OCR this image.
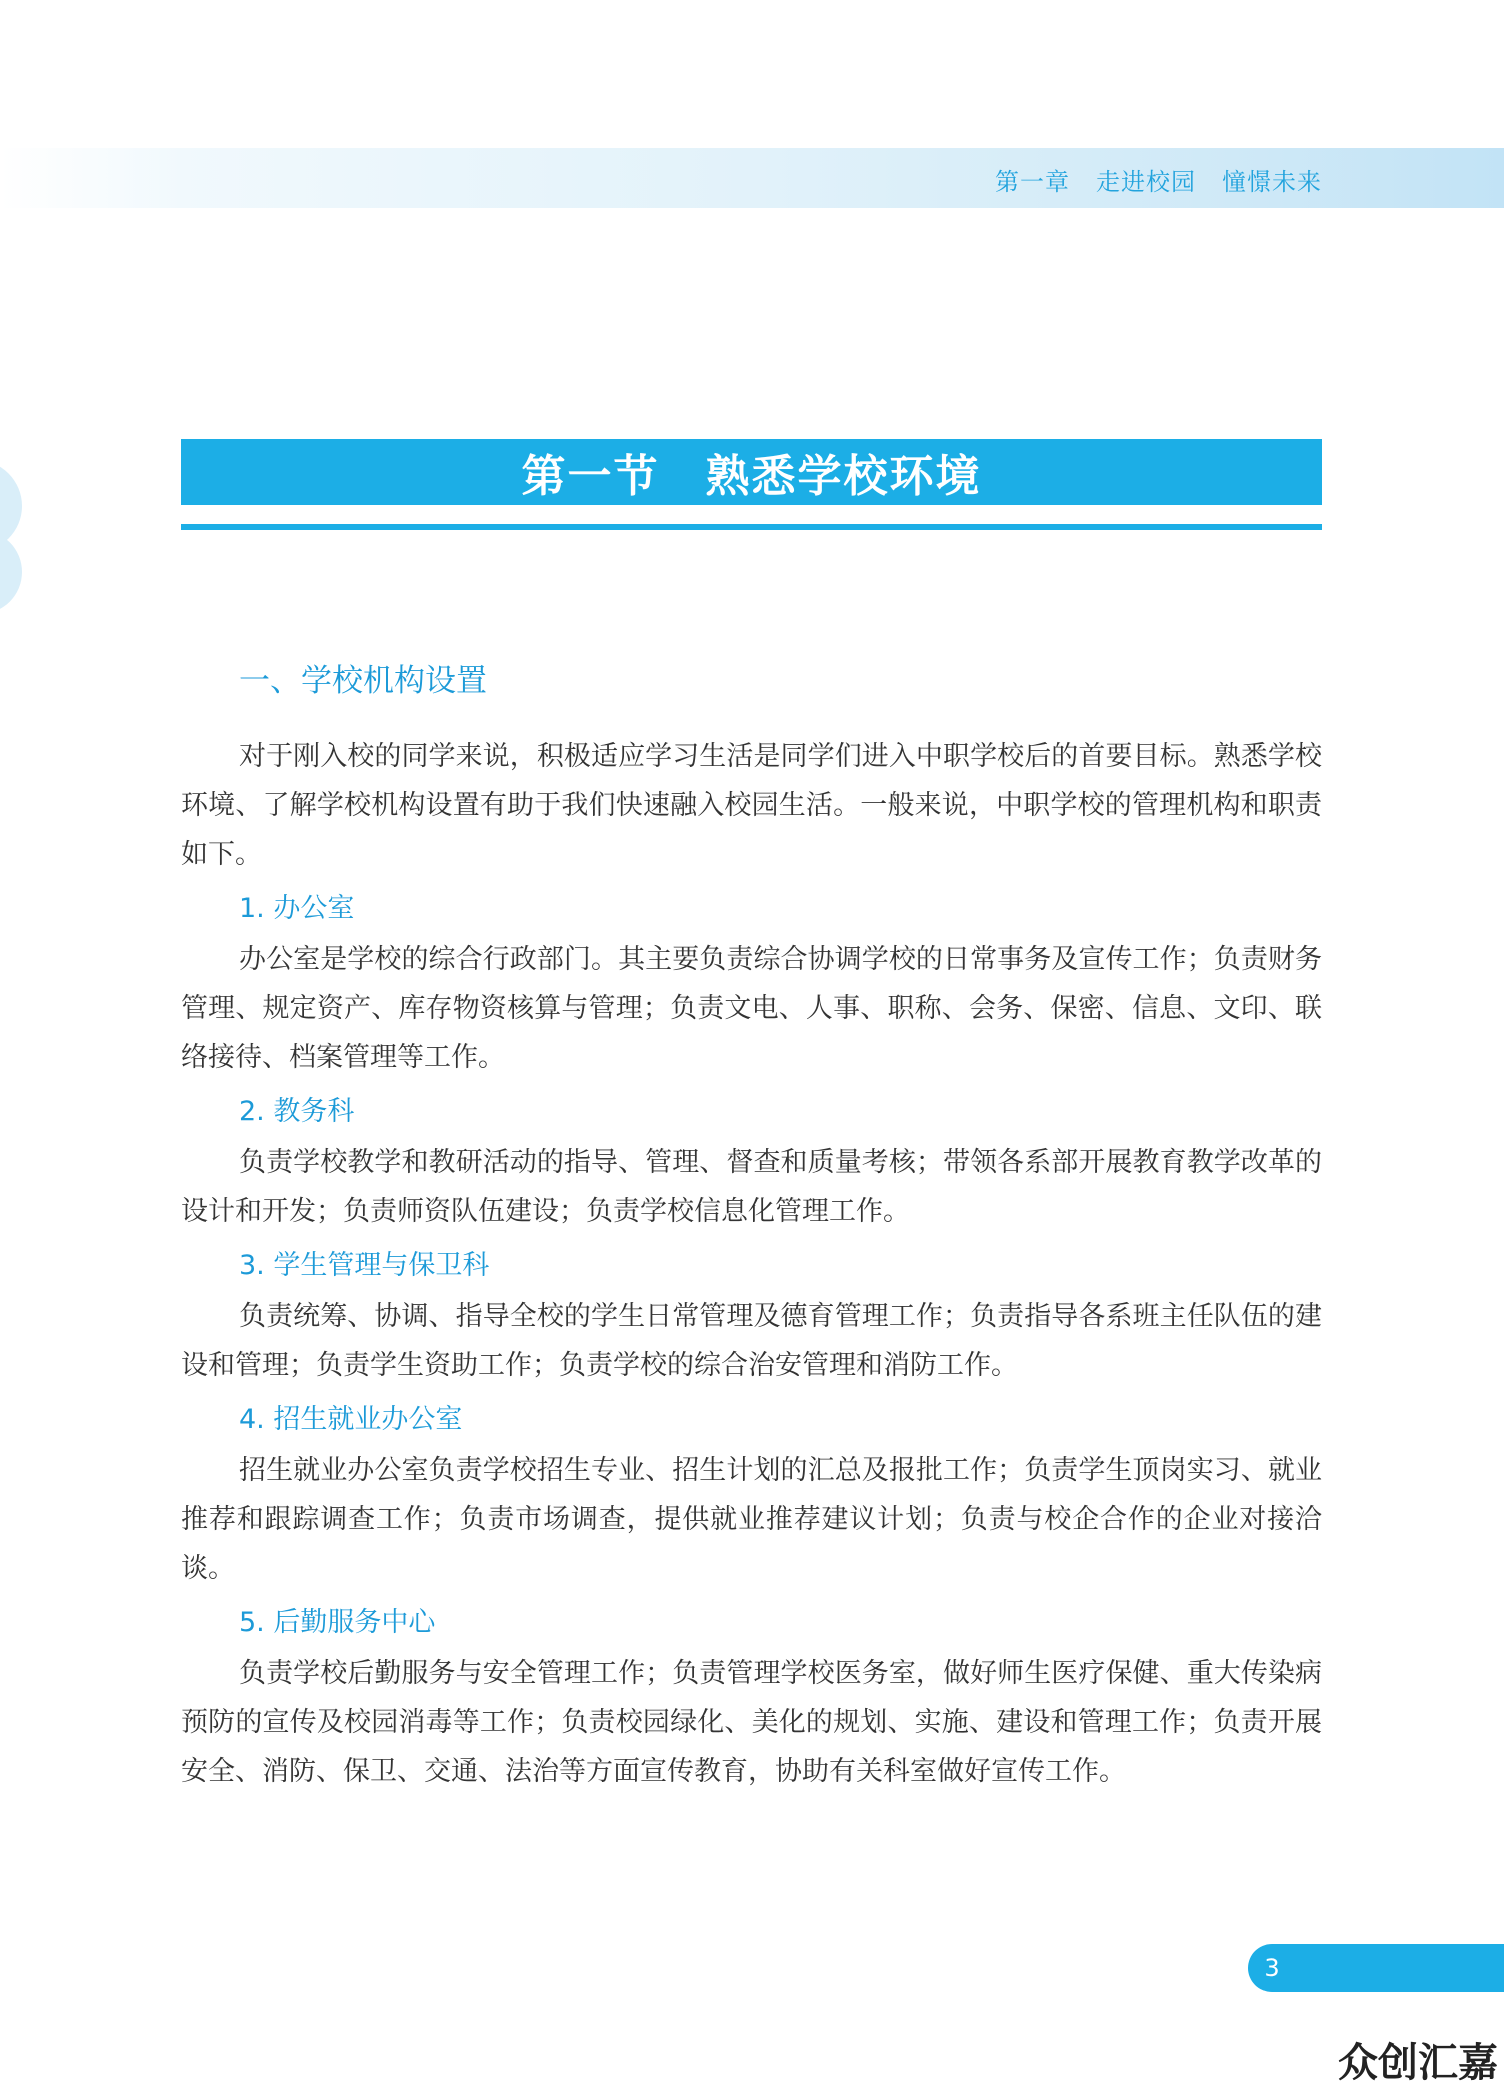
第一章 走进校园 憧憬未来
第一节　熟悉学校环境
一、学校机构设置

对于刚入校的同学来说，积极适应学习生活是同学们进入中职学校后的首要目标。熟悉学校环境、了解学校机构设置有助于我们快速融入校园生活。一般来说，中职学校的管理机构和职责如下。

1. 办公室

办公室是学校的综合行政部门。其主要负责综合协调学校的日常事务及宣传工作；负责财务管理、规定资产、库存物资核算与管理；负责文电、人事、职称、会务、保密、信息、文印、联络接待、档案管理等工作。

2. 教务科

负责学校教学和教研活动的指导、管理、督查和质量考核；带领各系部开展教育教学改革的设计和开发；负责师资队伍建设；负责学校信息化管理工作。

3. 学生管理与保卫科

负责统筹、协调、指导全校的学生日常管理及德育管理工作；负责指导各系班主任队伍的建设和管理；负责学生资助工作；负责学校的综合治安管理和消防工作。

4. 招生就业办公室

招生就业办公室负责学校招生专业、招生计划的汇总及报批工作；负责学生顶岗实习、就业推荐和跟踪调查工作；负责市场调查，提供就业推荐建议计划；负责与校企合作的企业对接洽谈。

5. 后勤服务中心

负责学校后勤服务与安全管理工作；负责管理学校医务室，做好师生医疗保健、重大传染病预防的宣传及校园消毒等工作；负责校园绿化、美化的规划、实施、建设和管理工作；负责开展安全、消防、保卫、交通、法治等方面宣传教育，协助有关科室做好宣传工作。

3
众创汇嘉
